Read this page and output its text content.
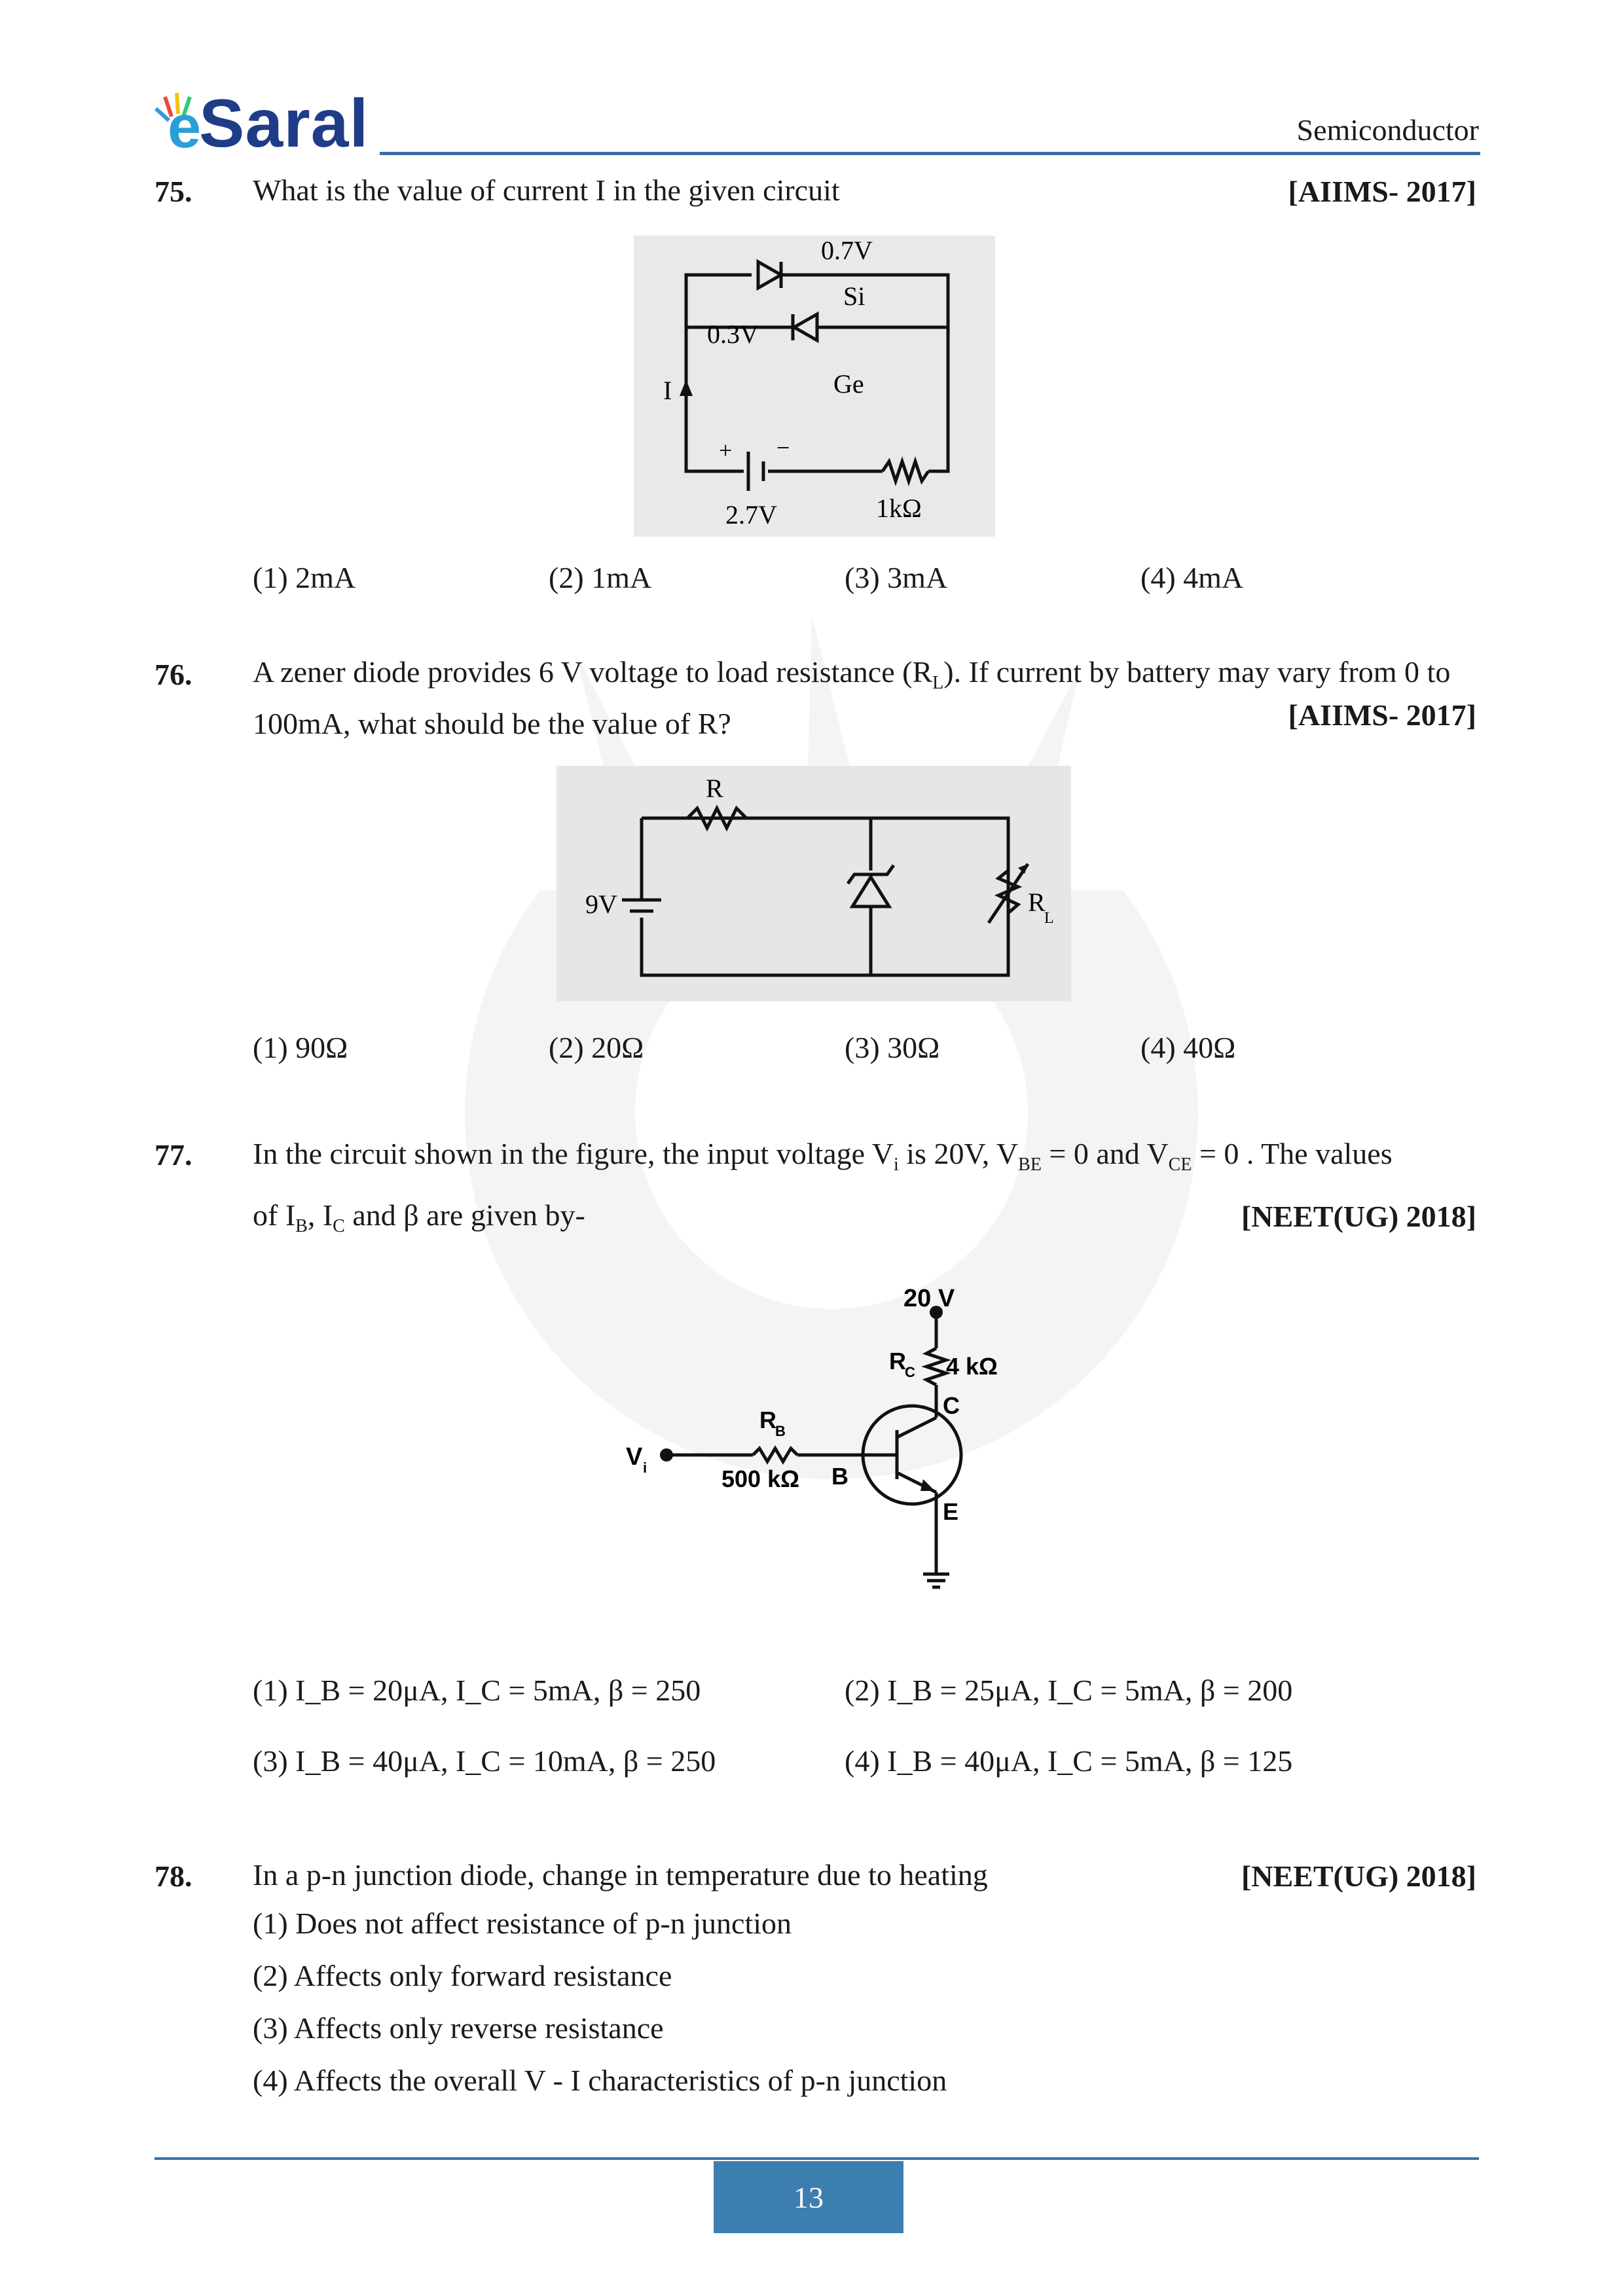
e
Saral	Semiconductor
75. What is the value of current I in the given circuit	[AIIMS- 2017]
0.7V
Si
0.3V
Ge
I
+ −
2.7V	1kΩ
(1) 2mA	(2) 1mA	(3) 3mA	(4) 4mA
76. A zener diode provides 6 V voltage to load resistance $(R_L)$. If current by battery may vary from 0 to 100mA, what should be the value of R?	[AIIMS- 2017]
R
9V	R
L
(1) 90Ω	(2) 20Ω	(3) 30Ω	(4) 40Ω
77. In the circuit shown in the figure, the input voltage $V_i$ is 20V, $V_{BE} = 0$ and $V_{CE} = 0$ . The values
of $I_B$, $I_C$ and β are given by-	[NEET(UG) 2018]
20 V
R
C 4 kΩ
C
R
B
500 kΩ
V i	B
E
(1) I_B = 20μA, I_C = 5mA, β = 250	(2) I_B = 25μA, I_C = 5mA, β = 200
(3) I_B = 40μA, I_C = 10mA, β = 250	(4) I_B = 40μA, I_C = 5mA, β = 125
78. In a p-n junction diode, change in temperature due to heating	[NEET(UG) 2018]
(1) Does not affect resistance of p-n junction
(2) Affects only forward resistance
(3) Affects only reverse resistance
(4) Affects the overall V - I characteristics of p-n junction
13
